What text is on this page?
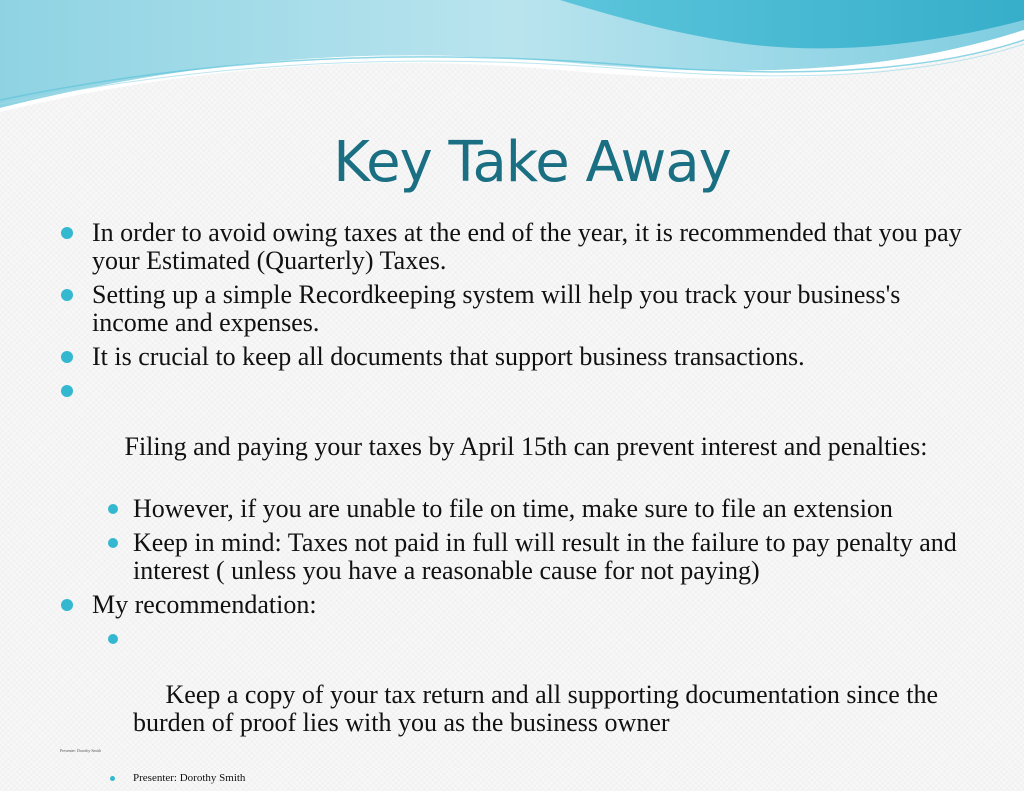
Key Take Away
In order to avoid owing taxes at the end of the year, it is recommended that you pay your Estimated (Quarterly) Taxes.
Setting up a simple Recordkeeping system will help you track your business's income and expenses.
It is crucial to keep all documents that support business transactions.

Filing and paying your taxes by April 15th can prevent interest and penalties:

However, if you are unable to file on time, make sure to file an extension
Keep in mind: Taxes not paid in full will result in the failure to pay penalty and interest ( unless you have a reasonable cause for not paying)
My recommendation:

Keep a copy of your tax return and all supporting documentation since the burden of proof lies with you as the business owner

Presenter: Dorothy Smith
Presenter: Dorothy Smith
